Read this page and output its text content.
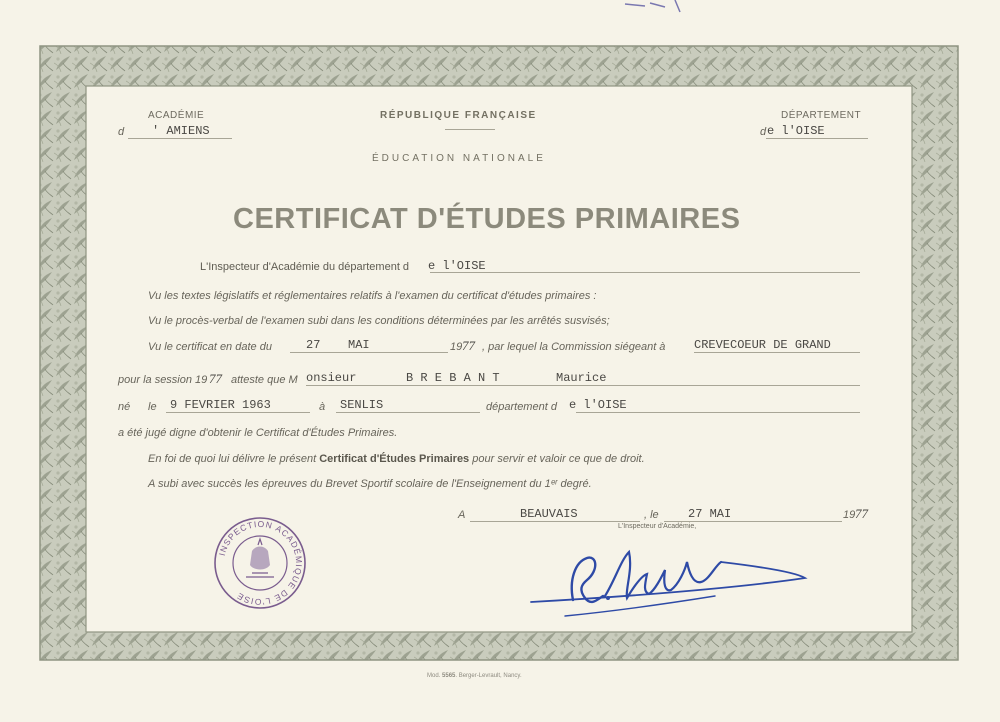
ACADÉMIE
d ' AMIENS
RÉPUBLIQUE FRANÇAISE
ÉDUCATION NATIONALE
DÉPARTEMENT
d e l'OISE
CERTIFICAT D'ÉTUDES PRIMAIRES
L'Inspecteur d'Académie du département d e l'OISE
Vu les textes législatifs et réglementaires relatifs à l'examen du certificat d'études primaires :
Vu le procès-verbal de l'examen subi dans les conditions déterminées par les arrêtés susvisés;
Vu le certificat en date du	27 MAI	19 77 , par lequel la Commission siégeant à CREVECOEUR DE GRAND
pour la session 19 77 atteste que M onsieur	B R E B A N T	Maurice
né le 9 FEVRIER 1963	à SENLIS	département d e l'OISE
a été jugé digne d'obtenir le Certificat d'Études Primaires.
En foi de quoi lui délivre le présent Certificat d'Études Primaires pour servir et valoir ce que de droit.
A subi avec succès les épreuves du Brevet Sportif scolaire de l'Enseignement du 1ᵉʳ degré.
A	BEAUVAIS	, le 27 MAI	19 77
L'Inspecteur d'Académie,
INSPECTION ACADÉMIQUE DE L'OISE
Mod. 5565. Berger-Levrault, Nancy.
